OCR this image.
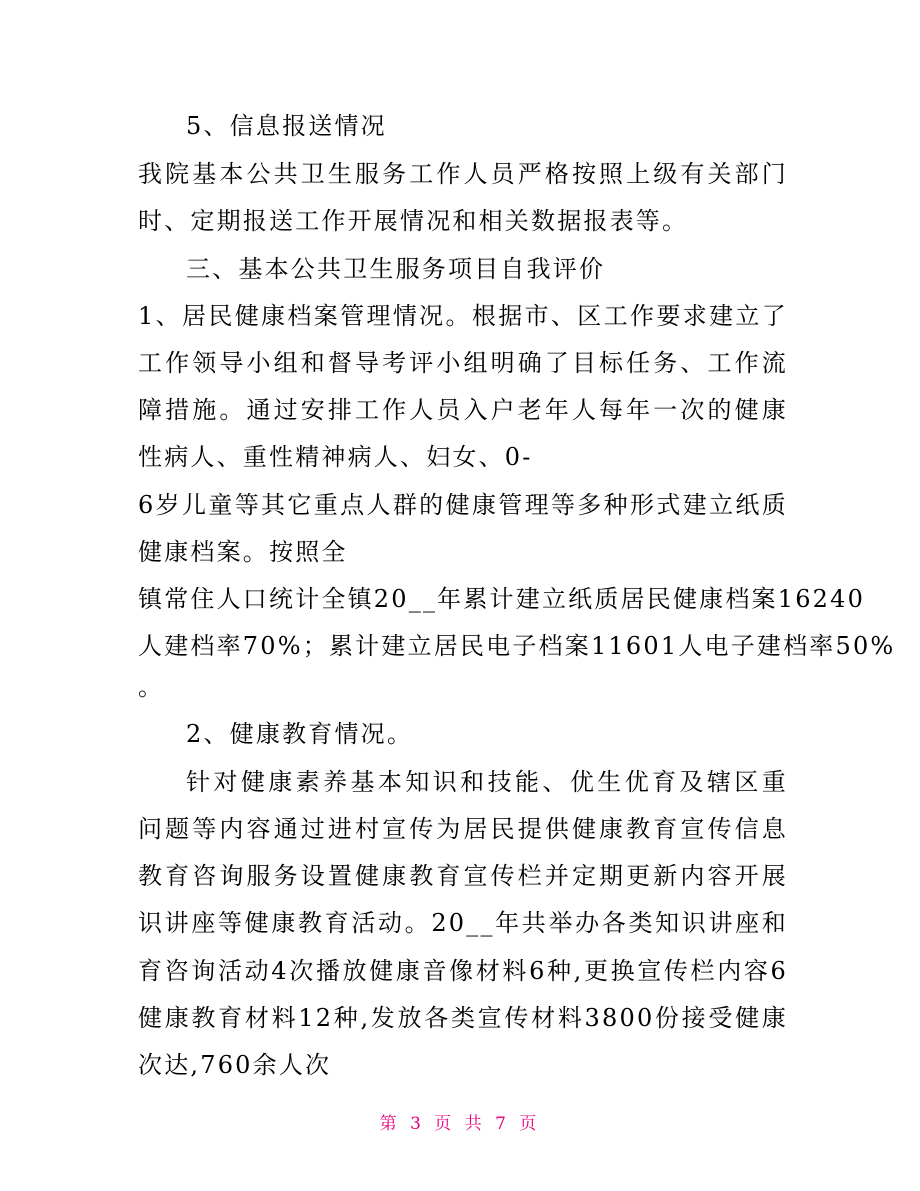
5、信息报送情况
我院基本公共卫生服务工作人员严格按照上级有关部门
时、定期报送工作开展情况和相关数据报表等。
三、基本公共卫生服务项目自我评价
1、居民健康档案管理情况。根据市、区工作要求建立了
工作领导小组和督导考评小组明确了目标任务、工作流
障措施。通过安排工作人员入户老年人每年一次的健康
性病人、重性精神病人、妇女、0-
6岁儿童等其它重点人群的健康管理等多种形式建立纸质
健康档案。按照全
镇常住人口统计全镇20__年累计建立纸质居民健康档案16240
人建档率70%；累计建立居民电子档案11601人电子建档率50%
。
2、健康教育情况。
针对健康素养基本知识和技能、优生优育及辖区重
问题等内容通过进村宣传为居民提供健康教育宣传信息
教育咨询服务设置健康教育宣传栏并定期更新内容开展
识讲座等健康教育活动。20__年共举办各类知识讲座和
育咨询活动4次播放健康音像材料6种,更换宣传栏内容6
健康教育材料12种,发放各类宣传材料3800份接受健康
次达,760余人次
第 3 页 共 7 页
